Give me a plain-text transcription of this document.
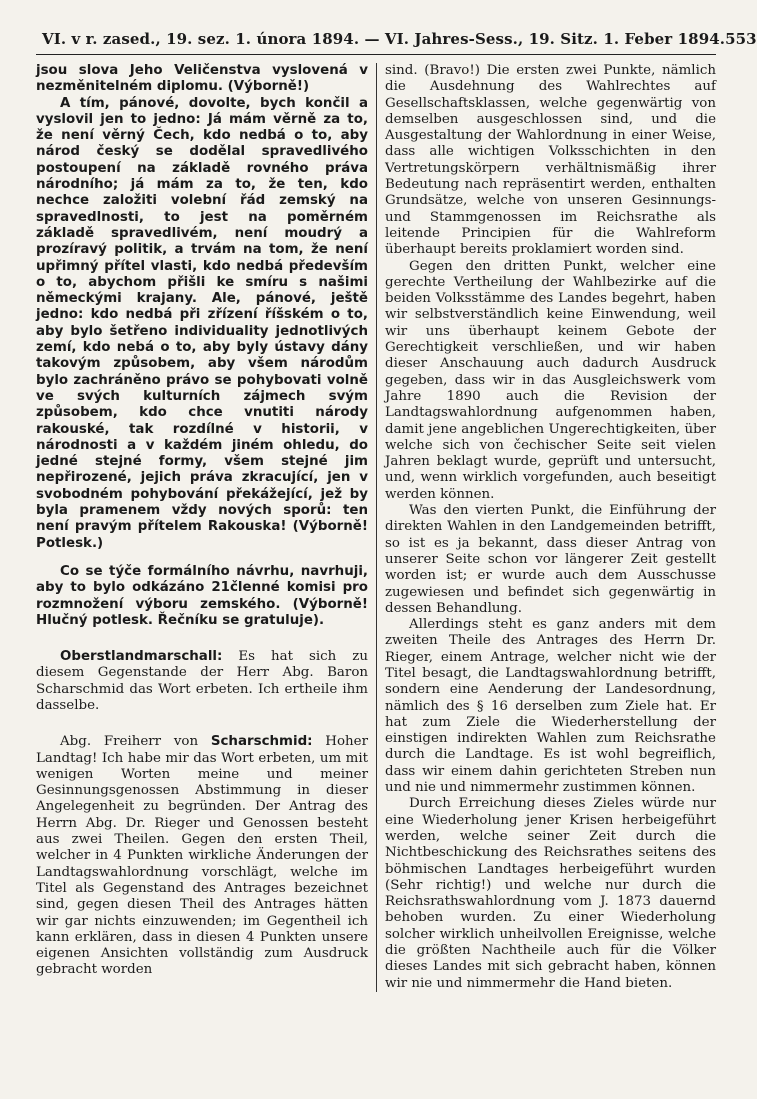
VI. v r. zased., 19. sez. 1. února 1894. — VI. Jahres-Sess., 19. Sitz. 1. Feber 1894. 553

jsou slova Jeho Veličenstva vyslovená v nezměnitelném diplomu. (Výborně!)

A tím, pánové, dovolte, bych končil a vyslovil jen to jedno: Já mám věrně za to, že není věrný Čech, kdo nedbá o to, aby národ český se dodělal spravedlivého postoupení na základě rovného práva národního; já mám za to, že ten, kdo nechce založiti volební řád zemský na spravedlnosti, to jest na poměrném základě spravedlivém, není moudrý a prozíravý politik, a trvám na tom, že není upřimný přítel vlasti, kdo nedbá především o to, abychom přišli ke smíru s našimi německými krajany. Ale, pánové, ještě jedno: kdo nedbá při zřízení říšském o to, aby bylo šetřeno individuality jednotlivých zemí, kdo nebá o to, aby byly ústavy dány takovým způsobem, aby všem národům bylo zachráněno právo se pohybovati volně ve svých kulturních zájmech svým způsobem, kdo chce vnutiti národy rakouské, tak rozdílné v historii, v národnosti a v každém jiném ohledu, do jedné stejné formy, všem stejné jim nepřirozené, jejich práva zkracující, jen v svobodném pohybování překážející, jež by byla pramenem vždy nových sporů: ten není pravým přítelem Rakouska! (Výborně! Potlesk.)

Co se týče formálního návrhu, navrhuji, aby to bylo odkázáno 21členné komisi pro rozmnožení výboru zemského. (Výborně! Hlučný potlesk. Řečníku se gratuluje).

Oberstlandmarschall: Es hat sich zu diesem Gegenstande der Herr Abg. Baron Scharschmid das Wort erbeten. Ich ertheile ihm dasselbe.

Abg. Freiherr von Scharschmid: Hoher Landtag! Ich habe mir das Wort erbeten, um mit wenigen Worten meine und meiner Gesinnungsgenossen Abstimmung in dieser Angelegenheit zu begründen. Der Antrag des Herrn Abg. Dr. Rieger und Genossen besteht aus zwei Theilen. Gegen den ersten Theil, welcher in 4 Punkten wirkliche Änderungen der Landtagswahlordnung vorschlägt, welche im Titel als Gegenstand des Antrages bezeichnet sind, gegen diesen Theil des Antrages hätten wir gar nichts einzuwenden; im Gegentheil ich kann erklären, dass in diesen 4 Punkten unsere eigenen Ansichten vollständig zum Ausdruck gebracht worden

sind. (Bravo!) Die ersten zwei Punkte, nämlich die Ausdehnung des Wahlrechtes auf Gesellschaftsklassen, welche gegenwärtig von demselben ausgeschlossen sind, und die Ausgestaltung der Wahlordnung in einer Weise, dass alle wichtigen Volksschichten in den Vertretungskörpern verhältnismäßig ihrer Bedeutung nach repräsentirt werden, enthalten Grundsätze, welche von unseren Gesinnungs- und Stammgenossen im Reichsrathe als leitende Principien für die Wahlreform überhaupt bereits proklamiert worden sind.

Gegen den dritten Punkt, welcher eine gerechte Vertheilung der Wahlbezirke auf die beiden Volksstämme des Landes begehrt, haben wir selbstverständlich keine Einwendung, weil wir uns überhaupt keinem Gebote der Gerechtigkeit verschließen, und wir haben dieser Anschauung auch dadurch Ausdruck gegeben, dass wir in das Ausgleichswerk vom Jahre 1890 auch die Revision der Landtagswahlordnung aufgenommen haben, damit jene angeblichen Ungerechtigkeiten, über welche sich von čechischer Seite seit vielen Jahren beklagt wurde, geprüft und untersucht, und, wenn wirklich vorgefunden, auch beseitigt werden können.

Was den vierten Punkt, die Einführung der direkten Wahlen in den Landgemeinden betrifft, so ist es ja bekannt, dass dieser Antrag von unserer Seite schon vor längerer Zeit gestellt worden ist; er wurde auch dem Ausschusse zugewiesen und befindet sich gegenwärtig in dessen Behandlung.

Allerdings steht es ganz anders mit dem zweiten Theile des Antrages des Herrn Dr. Rieger, einem Antrage, welcher nicht wie der Titel besagt, die Landtagswahlordnung betrifft, sondern eine Aenderung der Landesordnung, nämlich des § 16 derselben zum Ziele hat. Er hat zum Ziele die Wiederherstellung der einstigen indirekten Wahlen zum Reichsrathe durch die Landtage. Es ist wohl begreiflich, dass wir einem dahin gerichteten Streben nun und nie und nimmermehr zustimmen können.

Durch Erreichung dieses Zieles würde nur eine Wiederholung jener Krisen herbeigeführt werden, welche seiner Zeit durch die Nichtbeschickung des Reichsrathes seitens des böhmischen Landtages herbeigeführt wurden (Sehr richtig!) und welche nur durch die Reichsrathswahlordnung vom J. 1873 dauernd behoben wurden. Zu einer Wiederholung solcher wirklich unheilvollen Ereignisse, welche die größten Nachtheile auch für die Völker dieses Landes mit sich gebracht haben, können wir nie und nimmermehr die Hand bieten.
